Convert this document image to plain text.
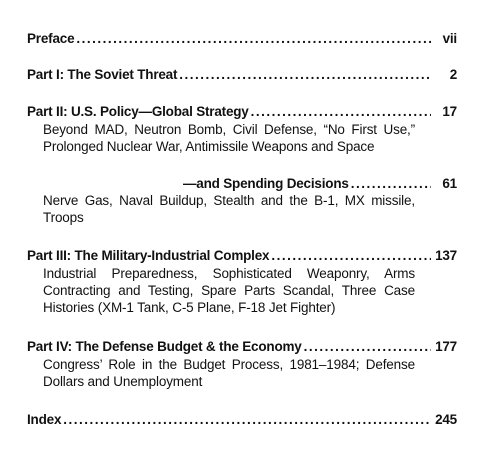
Preface .....	vii
Part I: The Soviet Threat .....	2
Part II: U.S. Policy—Global Strategy .....	17
Beyond MAD, Neutron Bomb, Civil Defense, “No First Use,” Prolonged Nuclear War, Antimissile Weapons and Space
—and Spending Decisions .....	61
Nerve Gas, Naval Buildup, Stealth and the B-1, MX missile, Troops
Part III: The Military-Industrial Complex .....	137
Industrial Preparedness, Sophisticated Weaponry, Arms Contracting and Testing, Spare Parts Scandal, Three Case Histories (XM-1 Tank, C-5 Plane, F-18 Jet Fighter)
Part IV: The Defense Budget & the Economy .....	177
Congress’ Role in the Budget Process, 1981–1984; Defense Dollars and Unemployment
Index .....	245
